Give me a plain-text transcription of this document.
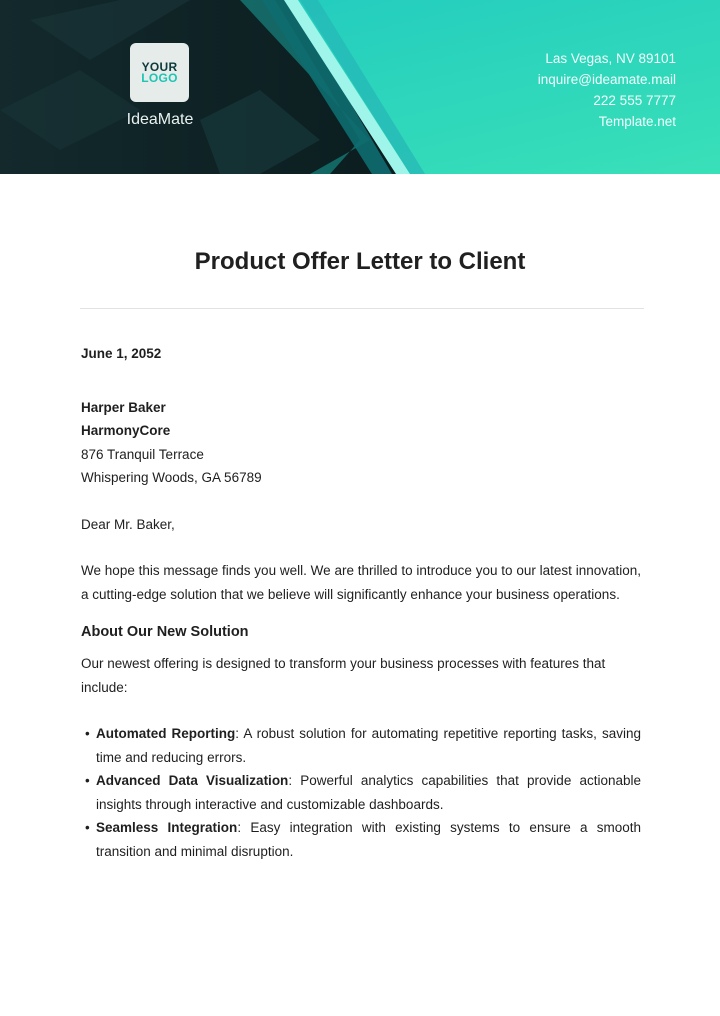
YOUR
LOGO
IdeaMate
Las Vegas, NV 89101
inquire@ideamate.mail
222 555 7777
Template.net
Product Offer Letter to Client

June 1, 2052

Harper Baker
HarmonyCore
876 Tranquil Terrace
Whispering Woods, GA 56789
Dear Mr. Baker,
We hope this message finds you well. We are thrilled to introduce you to our latest innovation, a cutting-edge solution that we believe will significantly enhance your business operations.
About Our New Solution
Our newest offering is designed to transform your business processes with features that include:
• Automated Reporting: A robust solution for automating repetitive reporting tasks, saving time and reducing errors.
• Advanced Data Visualization: Powerful analytics capabilities that provide actionable insights through interactive and customizable dashboards.
• Seamless Integration: Easy integration with existing systems to ensure a smooth transition and minimal disruption.
